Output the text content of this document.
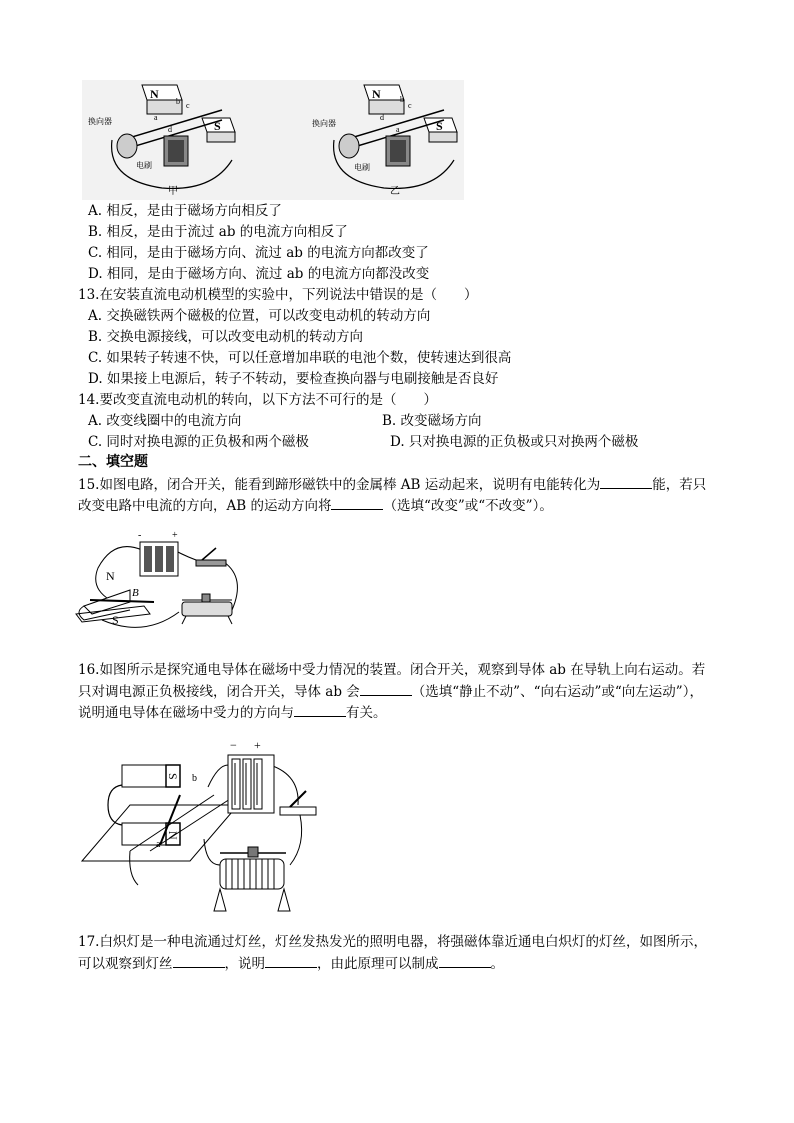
N
S
换向器
电刷
b
a
c
d
甲
N
S
换向器
电刷
d
a
c
b
乙
A. 相反，是由于磁场方向相反了
B. 相反，是由于流过 ab 的电流方向相反了
C. 相同，是由于磁场方向、流过 ab 的电流方向都改变了
D. 相同，是由于磁场方向、流过 ab 的电流方向都没改变
13.在安装直流电动机模型的实验中，下列说法中错误的是（　　）
A. 交换磁铁两个磁极的位置，可以改变电动机的转动方向
B. 交换电源接线，可以改变电动机的转动方向
C. 如果转子转速不快，可以任意增加串联的电池个数，使转速达到很高
D. 如果接上电源后，转子不转动，要检查换向器与电刷接触是否良好
14.要改变直流电动机的转向，以下方法不可行的是（　　）
A. 改变线圈中的电流方向	B. 改变磁场方向
C. 同时对换电源的正负极和两个磁极	D. 只对换电源的正负极或只对换两个磁极
二、填空题
15.如图电路，闭合开关，能看到蹄形磁铁中的金属棒 AB 运动起来，说明有电能转化为	能，若只
改变电路中电流的方向，AB 的运动方向将	（选填“改变”或“不改变”）。
-	+
N
S
B
16.如图所示是探究通电导体在磁场中受力情况的装置。闭合开关，观察到导体 ab 在导轨上向右运动。若
只对调电源正负极接线，闭合开关，导体 ab 会	（选填“静止不动”、“向右运动”或“向左运动”），
说明通电导体在磁场中受力的方向与	有关。
S
N
b
a
− +
17.白炽灯是一种电流通过灯丝，灯丝发热发光的照明电器，将强磁体靠近通电白炽灯的灯丝，如图所示，
可以观察到灯丝	，说明	，由此原理可以制成	。
